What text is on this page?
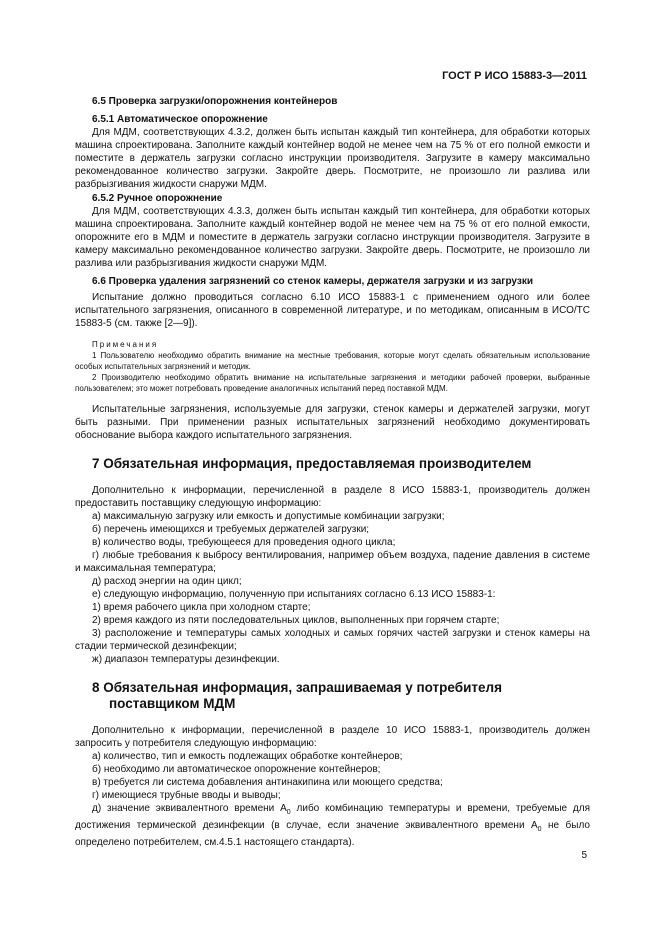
ГОСТ Р ИСО 15883-3—2011
6.5 Проверка загрузки/опорожнения контейнеров
6.5.1 Автоматическое опорожнение

Для МДМ, соответствующих 4.3.2, должен быть испытан каждый тип контейнера, для обработки которых машина спроектирована. Заполните каждый контейнер водой не менее чем на 75 % от его полной емкости и поместите в держатель загрузки согласно инструкции производителя. Загрузите в камеру максимально рекомендованное количество загрузки. Закройте дверь. Посмотрите, не произошло ли разлива или разбрызгивания жидкости снаружи МДМ.

6.5.2 Ручное опорожнение

Для МДМ, соответствующих 4.3.3, должен быть испытан каждый тип контейнера, для обработки которых машина спроектирована. Заполните каждый контейнер водой не менее чем на 75 % от его полной емкости, опорожните его в МДМ и поместите в держатель загрузки согласно инструкции производителя. Загрузите в камеру максимально рекомендованное количество загрузки. Закройте дверь. Посмотрите, не произошло ли разлива или разбрызгивания жидкости снаружи МДМ.

6.6 Проверка удаления загрязнений со стенок камеры, держателя загрузки и из загрузки

Испытание должно проводиться согласно 6.10 ИСО 15883-1 с применением одного или более испытательного загрязнения, описанного в современной литературе, и по методикам, описанным в ИСО/ТС 15883-5 (см. также [2—9]).

Примечания

1 Пользователю необходимо обратить внимание на местные требования, которые могут сделать обязательным использование особых испытательных загрязнений и методик.

2 Производителю необходимо обратить внимание на испытательные загрязнения и методики рабочей проверки, выбранные пользователем; это может потребовать проведение аналогичных испытаний перед поставкой МДМ.

Испытательные загрязнения, используемые для загрузки, стенок камеры и держателей загрузки, могут быть разными. При применении разных испытательных загрязнений необходимо документировать обоснование выбора каждого испытательного загрязнения.

7 Обязательная информация, предоставляемая производителем

Дополнительно к информации, перечисленной в разделе 8 ИСО 15883-1, производитель должен предоставить поставщику следующую информацию:

а) максимальную загрузку или емкость и допустимые комбинации загрузки;

б) перечень имеющихся и требуемых держателей загрузки;

в) количество воды, требующееся для проведения одного цикла;

г) любые требования к выбросу вентилирования, например объем воздуха, падение давления в системе и максимальная температура;

д) расход энергии на один цикл;

е) следующую информацию, полученную при испытаниях согласно 6.13 ИСО 15883-1:

1) время рабочего цикла при холодном старте;

2) время каждого из пяти последовательных циклов, выполненных при горячем старте;

3) расположение и температуры самых холодных и самых горячих частей загрузки и стенок камеры на стадии термической дезинфекции;

ж) диапазон температуры дезинфекции.

8 Обязательная информация, запрашиваемая у потребителя
поставщиком МДМ

Дополнительно к информации, перечисленной в разделе 10 ИСО 15883-1, производитель должен запросить у потребителя следующую информацию:

а) количество, тип и емкость подлежащих обработке контейнеров;

б) необходимо ли автоматическое опорожнение контейнеров;

в) требуется ли система добавления антинакипина или моющего средства;

г) имеющиеся трубные вводы и выводы;

д) значение эквивалентного времени $A_0$ либо комбинацию температуры и времени, требуемые для достижения термической дезинфекции (в случае, если значение эквивалентного времени $A_0$ не было определено потребителем, см.4.5.1 настоящего стандарта).

5
